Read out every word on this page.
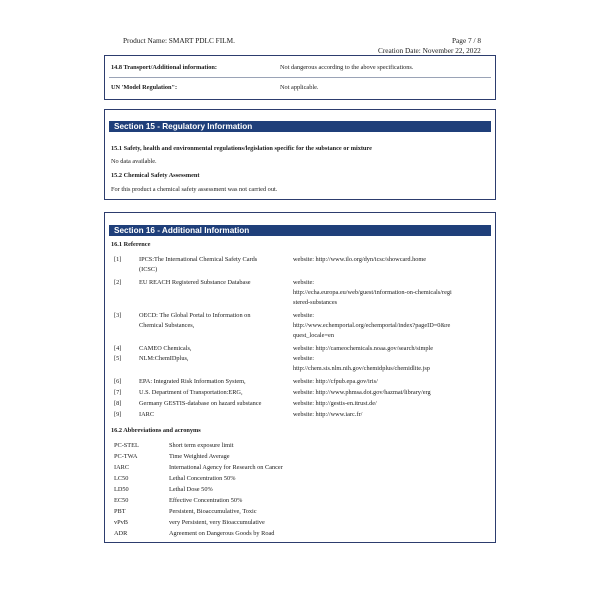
Product Name: SMART PDLC FILM.	Page 7 / 8
Creation Date: November 22, 2022
14.8 Transport/Additional information:	Not dangerous according to the above specifications.
UN 'Model Regulation":	Not applicable.
Section 15 - Regulatory Information
15.1 Safety, health and environmental regulations/legislation specific for the substance or mixture
No data available.
15.2 Chemical Safety Assessment
For this product a chemical safety assessment was not carried out.
Section 16 - Additional Information
16.1 Reference
[1]	IPCS:The International Chemical Safety Cards
(ICSC)
website: http://www.ilo.org/dyn/icsc/showcard.home
[2]	EU REACH Registered Substance Database	website:
http://echa.europa.eu/web/guest/information-on-chemicals/regi
stered-substances
[3]	OECD: The Global Portal to Information on
Chemical Substances,
website:
http://www.echemportal.org/echemportal/index?pageID=0&re
quest_locale=en
[4]	CAMEO Chemicals,	website: http://cameochemicals.noaa.gov/search/simple
[5]	NLM:ChemIDplus,	website:
http://chem.sis.nlm.nih.gov/chemidplus/chemidlite.jsp
[6]	EPA: Integrated Risk Information System,	website: http://cfpub.epa.gov/iris/
[7]	U.S. Department of Transportation:ERG,	website: http://www.phmsa.dot.gov/hazmat/library/erg
[8]	Germany GESTIS-database on hazard substance	website: http://gestis-en.itrust.de/
[9]	IARC	website: http://www.iarc.fr/
16.2 Abbreviations and acronyms
PC-STEL	Short term exposure limit
PC-TWA	Time Weighted Average
IARC	International Agency for Research on Cancer
LC50	Lethal Concentration 50%
LD50	Lethal Dose 50%
EC50	Effective Concentration 50%
PBT	Persistent, Bioaccumulative, Toxic
vPvB	very Persistent, very Bioaccumulative
ADR	Agreement on Dangerous Goods by Road
